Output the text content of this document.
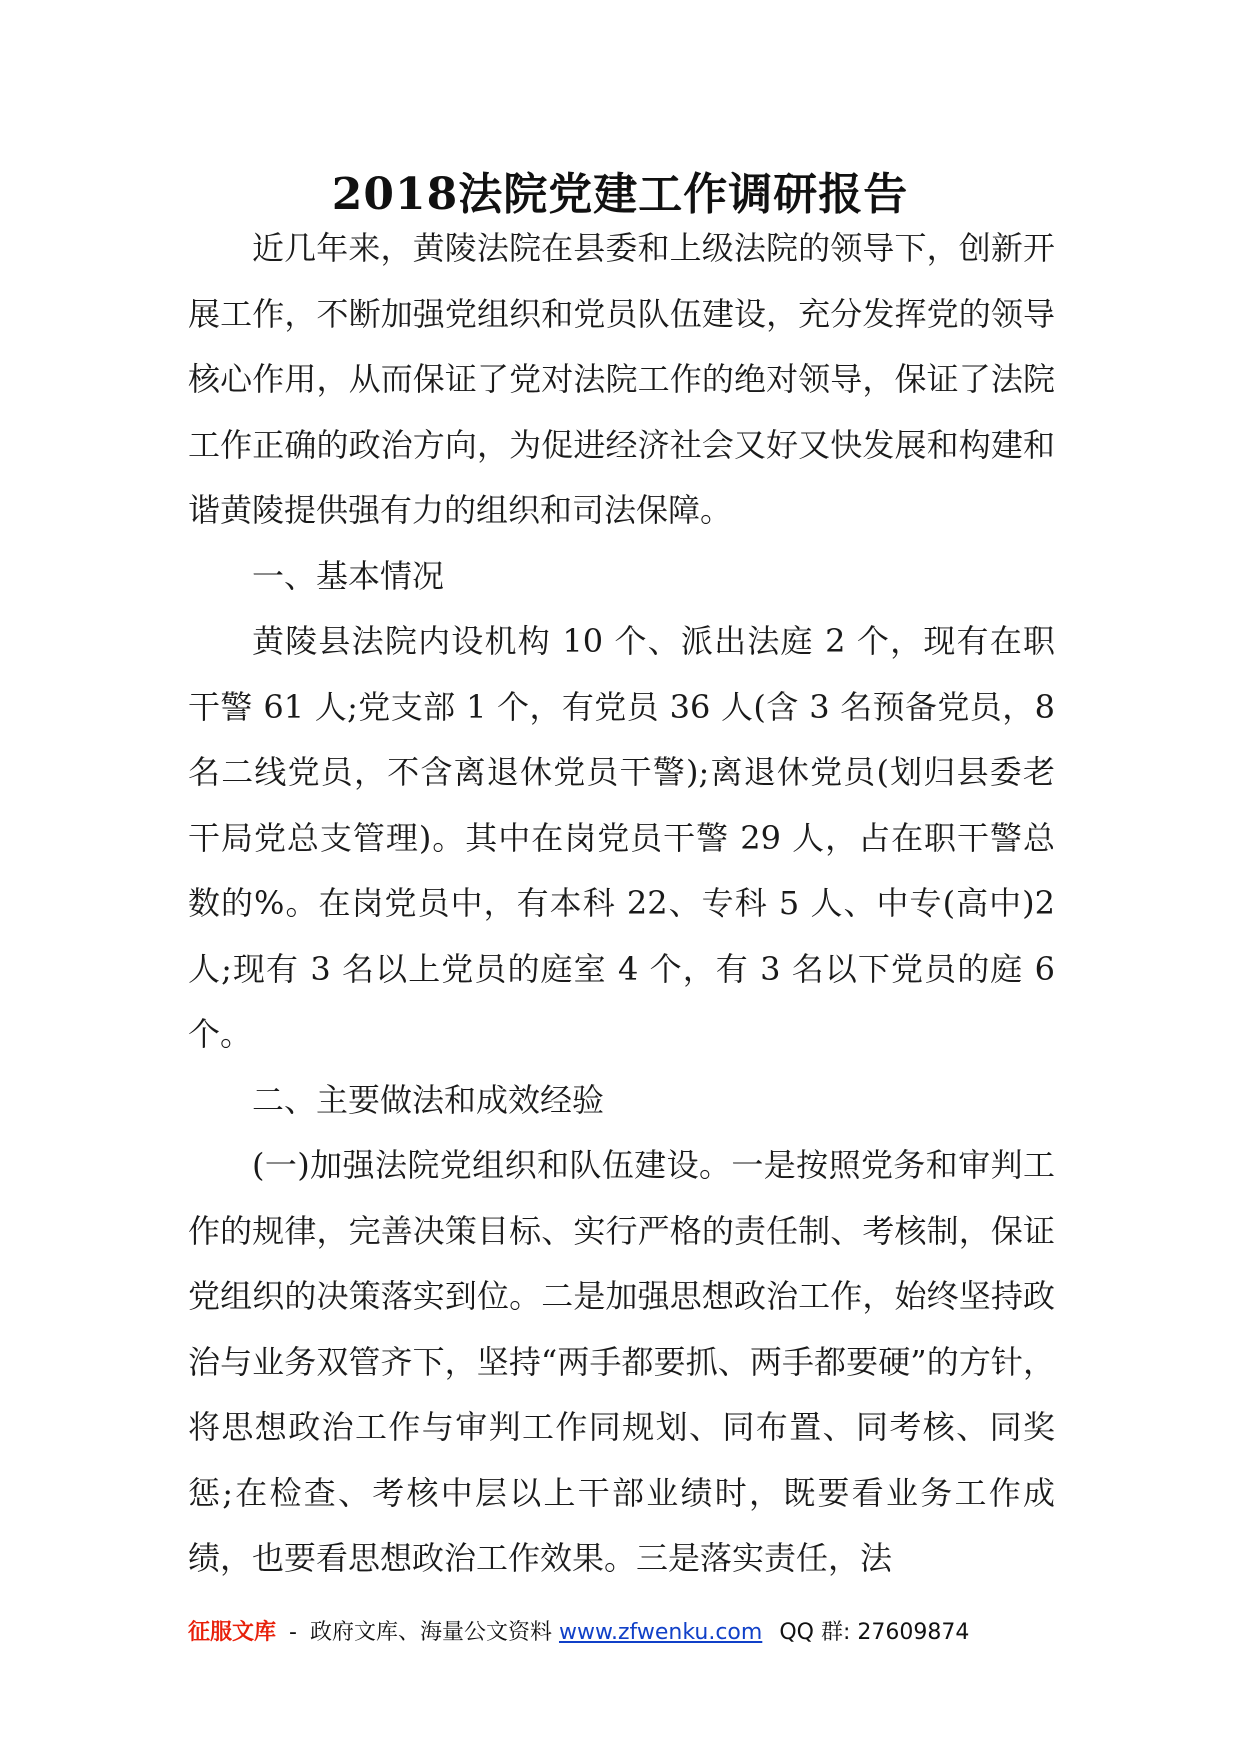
2018法院党建工作调研报告

近几年来，黄陵法院在县委和上级法院的领导下，创新开展工作，不断加强党组织和党员队伍建设，充分发挥党的领导核心作用，从而保证了党对法院工作的绝对领导，保证了法院工作正确的政治方向，为促进经济社会又好又快发展和构建和谐黄陵提供强有力的组织和司法保障。

一、基本情况

黄陵县法院内设机构 10 个、派出法庭 2 个，现有在职干警 61 人;党支部 1 个，有党员 36 人(含 3 名预备党员，8 名二线党员，不含离退休党员干警);离退休党员(划归县委老干局党总支管理)。其中在岗党员干警 29 人，占在职干警总数的%。在岗党员中，有本科 22、专科 5 人、中专(高中)2 人;现有 3 名以上党员的庭室 4 个，有 3 名以下党员的庭 6 个。

二、主要做法和成效经验

(一)加强法院党组织和队伍建设。一是按照党务和审判工作的规律，完善决策目标、实行严格的责任制、考核制，保证党组织的决策落实到位。二是加强思想政治工作，始终坚持政治与业务双管齐下，坚持“两手都要抓、两手都要硬”的方针，将思想政治工作与审判工作同规划、同布置、同考核、同奖惩;在检查、考核中层以上干部业绩时，既要看业务工作成绩，也要看思想政治工作效果。三是落实责任，法

征服文库 - 政府文库、海量公文资料 www.zfwenku.com QQ 群: 27609874
